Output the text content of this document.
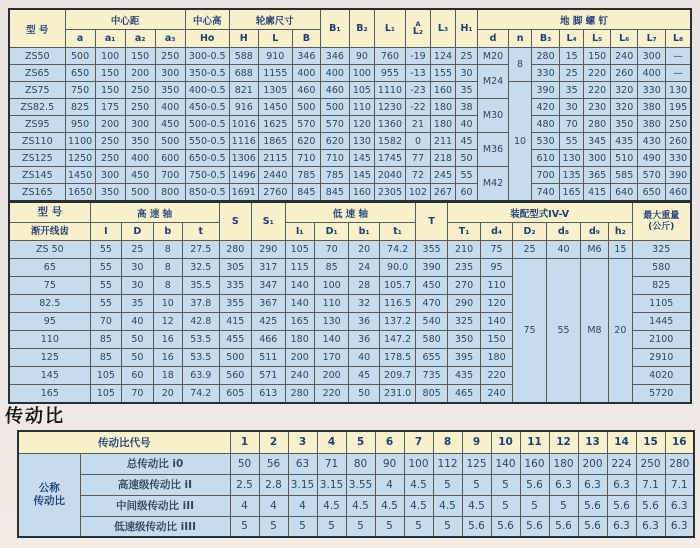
型 号	中心距				中心高	轮廓尺寸			B₁	B₂	L₁	A
L₂	L₃	H₁	地 脚 螺 钉							
	a	a₁	a₂	a₃	Ho	H	L	B							d	n	B₃	L₄	L₅	L₆	L₇	L₈
ZS50	500	100	150	250	300-0.5	588	910	346	346	90	760	-19	124	25	M20	8	280	15	150	240	300	—
ZS65	650	150	200	300	350-0.5	688	1155	400	400	100	955	-13	155	30	M24		330	25	220	260	400	—
ZS75	750	150	250	350	400-0.5	821	1305	460	460	105	1110	-23	160	35		10	390	35	220	320	330	130
ZS82.5	825	175	250	400	450-0.5	916	1450	500	500	110	1230	-22	180	38	M30		420	30	230	320	380	195
ZS95	950	200	300	450	500-0.5	1016	1625	570	570	120	1360	21	180	40			480	70	280	350	380	250
ZS110	1100	250	350	500	550-0.5	1116	1865	620	620	130	1582	0	211	45	M36		530	55	345	435	430	260
ZS125	1250	250	400	600	650-0.5	1306	2115	710	710	145	1745	77	218	50			610	130	300	510	490	330
ZS145	1450	300	450	700	750-0.5	1496	2440	785	785	145	2040	72	245	55	M42		700	135	365	585	570	390
ZS165	1650	350	500	800	850-0.5	1691	2760	845	845	160	2305	102	267	60			740	165	415	640	650	460
型 号
渐开线齿
	高 速 轴	S	S₁	低 速 轴	T	装配型式IV-V	最大重量
(公斤)

	I	D	b	t			I₁	D₁	b₁	t₁		T₁	d₄	D₂	d₈	d₉	h₂	
ZS 50	55	25	8	27.5	280	290	105	70	20	74.2	355	210	75	25	40	M6	15	325
65	55	30	8	32.5	305	317	115	85	24	90.0	390	235	95	75	55	M8	20	580
75	55	30	8	35.5	335	347	140	100	28	105.7	450	270	110					825
82.5	55	35	10	37.8	355	367	140	110	32	116.5	470	290	120					1105
95	70	40	12	42.8	415	425	165	130	36	137.2	540	325	140					1445
110	85	50	16	53.5	455	466	180	140	36	147.2	580	350	150					2100
125	85	50	16	53.5	500	511	200	170	40	178.5	655	395	180					2910
145	105	60	18	63.9	560	571	240	200	45	209.7	735	435	220					4020
165	105	70	20	74.2	605	613	280	220	50	231.0	805	465	240					5720
传动比
传动比代号		1	2	3	4	5	6	7	8	9	10	11	12	13	14	15	16

公称
传动比	总传动比 i0	50	56	63	71	80	90	100	112	125	140	160	180	200	224	250	280
	高速级传动比 iI	2.5	2.8	3.15	3.15	3.55	4	4.5	5	5	5	5.6	6.3	6.3	6.3	7.1	7.1
	中间级传动比 iII	4	4	4	4.5	4.5	4.5	4.5	4.5	4.5	5	5	5	5.6	5.6	5.6	6.3
	低速级传动比 iIII	5	5	5	5	5	5	5	5	5.6	5.6	5.6	5.6	5.6	6.3	6.3	6.3
